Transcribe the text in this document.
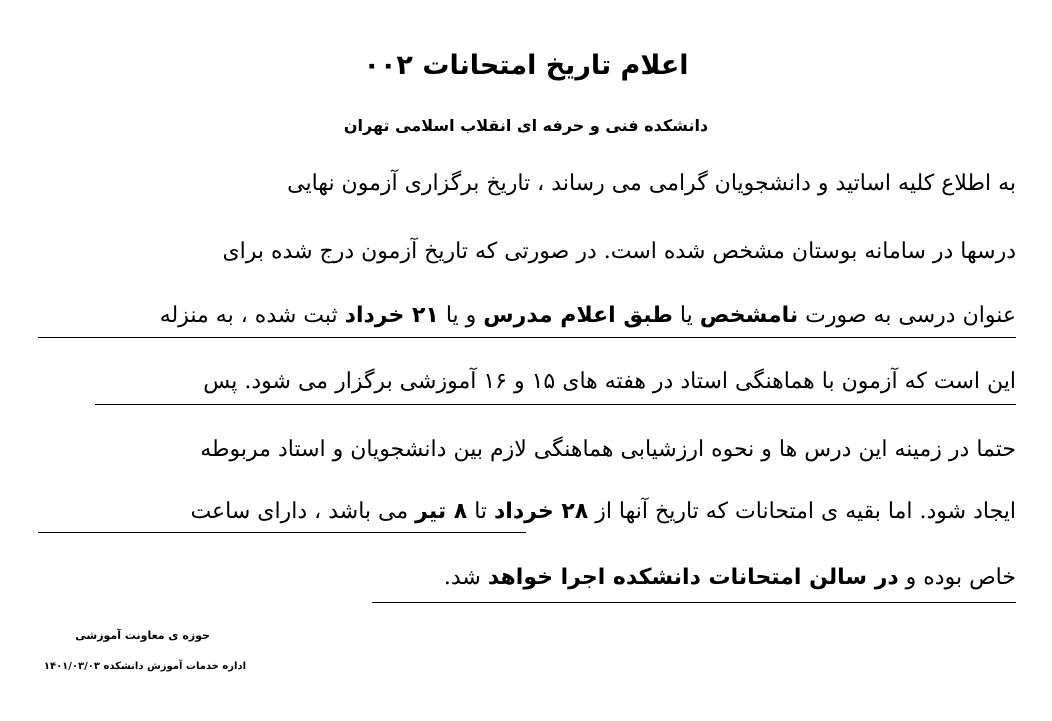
اعلام تاریخ امتحانات ۰۰۲
دانشکده فنی و حرفه ای انقلاب اسلامی تهران
به اطلاع کلیه اساتید و دانشجویان گرامی می رساند ، تاریخ برگزاری آزمون نهایی
درسها در سامانه بوستان مشخص شده است. در صورتی که تاریخ آزمون درج شده برای
عنوان درسی به صورت نامشخص یا طبق اعلام مدرس و یا ۲۱ خرداد ثبت شده ، به منزله
این است که آزمون با هماهنگی استاد در هفته های ۱۵ و ۱۶ آموزشی برگزار می شود. پس
حتما در زمینه این درس ها و نحوه ارزشیابی هماهنگی لازم بین دانشجویان و استاد مربوطه
ایجاد شود. اما بقیه ی امتحانات که تاریخ آنها از ۲۸ خرداد تا ۸ تیر می باشد ، دارای ساعت
خاص بوده و در سالن امتحانات دانشکده اجرا خواهد شد.
حوزه ی معاونت آموزشی
اداره خدمات آموزش دانشکده ۱۴۰۱/۰۳/۰۳
